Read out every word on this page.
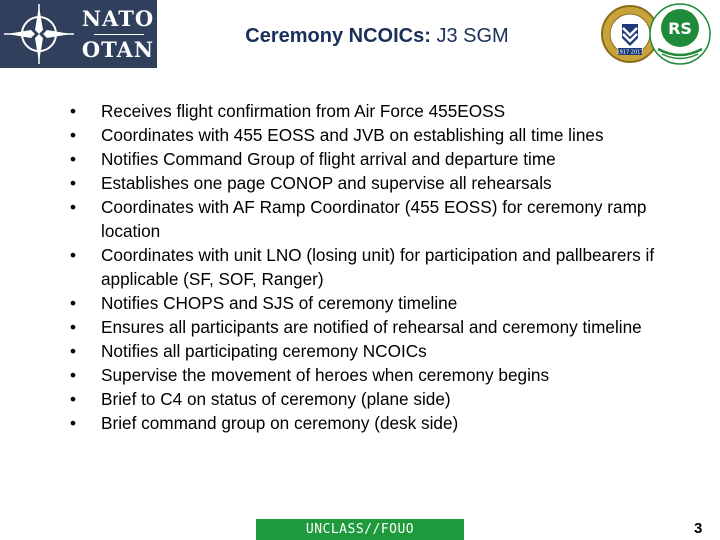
NATO
OTAN
Ceremony NCOICs: J3 SGM
1917 2017
RS
•
Receives flight confirmation from Air Force 455EOSS
•
Coordinates with 455 EOSS and JVB on establishing all time lines
•
Notifies Command Group of flight arrival and departure time
•
Establishes one page CONOP and supervise all rehearsals
•
Coordinates with AF Ramp Coordinator (455 EOSS) for ceremony ramp location
•
Coordinates with unit LNO (losing unit) for participation and pallbearers if applicable (SF, SOF, Ranger)
•
Notifies CHOPS and SJS of ceremony timeline
•
Ensures all participants are notified of rehearsal and ceremony timeline
•
Notifies all participating ceremony NCOICs
•
Supervise the movement of heroes when ceremony begins
•
Brief to C4 on status of ceremony (plane side)
•
Brief command group on ceremony (desk side)
UNCLASS//FOUO	3
